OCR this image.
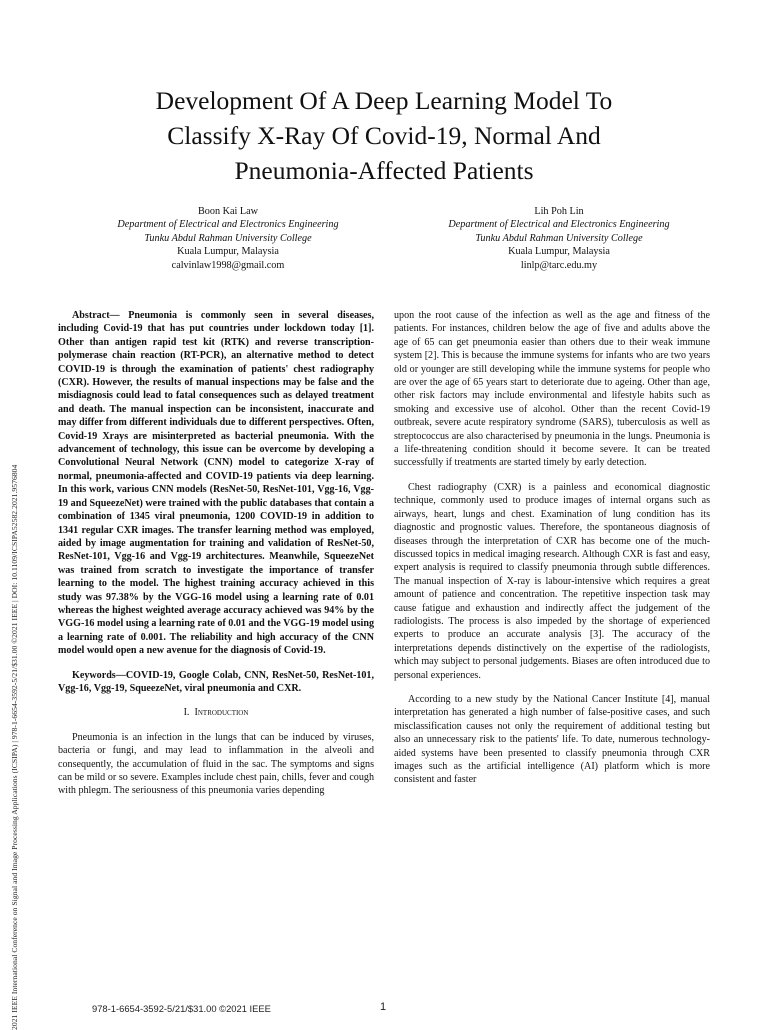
2021 IEEE International Conference on Signal and Image Processing Applications (ICSIPA) | 978-1-6654-3592-5/21/$31.00 ©2021 IEEE | DOI: 10.1109/ICSIPA52582.2021.9576804
Development Of A Deep Learning Model To
Classify X-Ray Of Covid-19, Normal And
Pneumonia-Affected Patients
Boon Kai Law
Department of Electrical and Electronics Engineering
Tunku Abdul Rahman University College
Kuala Lumpur, Malaysia
calvinlaw1998@gmail.com
Lih Poh Lin
Department of Electrical and Electronics Engineering
Tunku Abdul Rahman University College
Kuala Lumpur, Malaysia
linlp@tarc.edu.my

Abstract— Pneumonia is commonly seen in several diseases, including Covid-19 that has put countries under lockdown today [1]. Other than antigen rapid test kit (RTK) and reverse transcription-polymerase chain reaction (RT-PCR), an alternative method to detect COVID-19 is through the examination of patients' chest radiography (CXR). However, the results of manual inspections may be false and the misdiagnosis could lead to fatal consequences such as delayed treatment and death. The manual inspection can be inconsistent, inaccurate and may differ from different individuals due to different perspectives. Often, Covid-19 Xrays are misinterpreted as bacterial pneumonia. With the advancement of technology, this issue can be overcome by developing a Convolutional Neural Network (CNN) model to categorize X-ray of normal, pneumonia-affected and COVID-19 patients via deep learning. In this work, various CNN models (ResNet-50, ResNet-101, Vgg-16, Vgg-19 and SqueezeNet) were trained with the public databases that contain a combination of 1345 viral pneumonia, 1200 COVID-19 in addition to 1341 regular CXR images. The transfer learning method was employed, aided by image augmentation for training and validation of ResNet-50, ResNet-101, Vgg-16 and Vgg-19 architectures. Meanwhile, SqueezeNet was trained from scratch to investigate the importance of transfer learning to the model. The highest training accuracy achieved in this study was 97.38% by the VGG-16 model using a learning rate of 0.01 whereas the highest weighted average accuracy achieved was 94% by the VGG-16 model using a learning rate of 0.01 and the VGG-19 model using a learning rate of 0.001. The reliability and high accuracy of the CNN model would open a new avenue for the diagnosis of Covid-19.

Keywords—COVID-19, Google Colab, CNN, ResNet-50, ResNet-101, Vgg-16, Vgg-19, SqueezeNet, viral pneumonia and CXR.

I. Introduction

Pneumonia is an infection in the lungs that can be induced by viruses, bacteria or fungi, and may lead to inflammation in the alveoli and consequently, the accumulation of fluid in the sac. The symptoms and signs can be mild or so severe. Examples include chest pain, chills, fever and cough with phlegm. The seriousness of this pneumonia varies depending

upon the root cause of the infection as well as the age and fitness of the patients. For instances, children below the age of five and adults above the age of 65 can get pneumonia easier than others due to their weak immune system [2]. This is because the immune systems for infants who are two years old or younger are still developing while the immune systems for people who are over the age of 65 years start to deteriorate due to ageing. Other than age, other risk factors may include environmental and lifestyle habits such as smoking and excessive use of alcohol. Other than the recent Covid-19 outbreak, severe acute respiratory syndrome (SARS), tuberculosis as well as streptococcus are also characterised by pneumonia in the lungs. Pneumonia is a life-threatening condition should it become severe. It can be treated successfully if treatments are started timely by early detection.

Chest radiography (CXR) is a painless and economical diagnostic technique, commonly used to produce images of internal organs such as airways, heart, lungs and chest. Examination of lung condition has its diagnostic and prognostic values. Therefore, the spontaneous diagnosis of diseases through the interpretation of CXR has become one of the much-discussed topics in medical imaging research. Although CXR is fast and easy, expert analysis is required to classify pneumonia through subtle differences. The manual inspection of X-ray is labour-intensive which requires a great amount of patience and concentration. The repetitive inspection task may cause fatigue and exhaustion and indirectly affect the judgement of the radiologists. The process is also impeded by the shortage of experienced experts to produce an accurate analysis [3]. The accuracy of the interpretations depends distinctively on the expertise of the radiologists, which may subject to personal judgements. Biases are often introduced due to personal experiences.

According to a new study by the National Cancer Institute [4], manual interpretation has generated a high number of false-positive cases, and such misclassification causes not only the requirement of additional testing but also an unnecessary risk to the patients' life. To date, numerous technology-aided systems have been presented to classify pneumonia through CXR images such as the artificial intelligence (AI) platform which is more consistent and faster

978-1-6654-3592-5/21/$31.00 ©2021 IEEE	1
